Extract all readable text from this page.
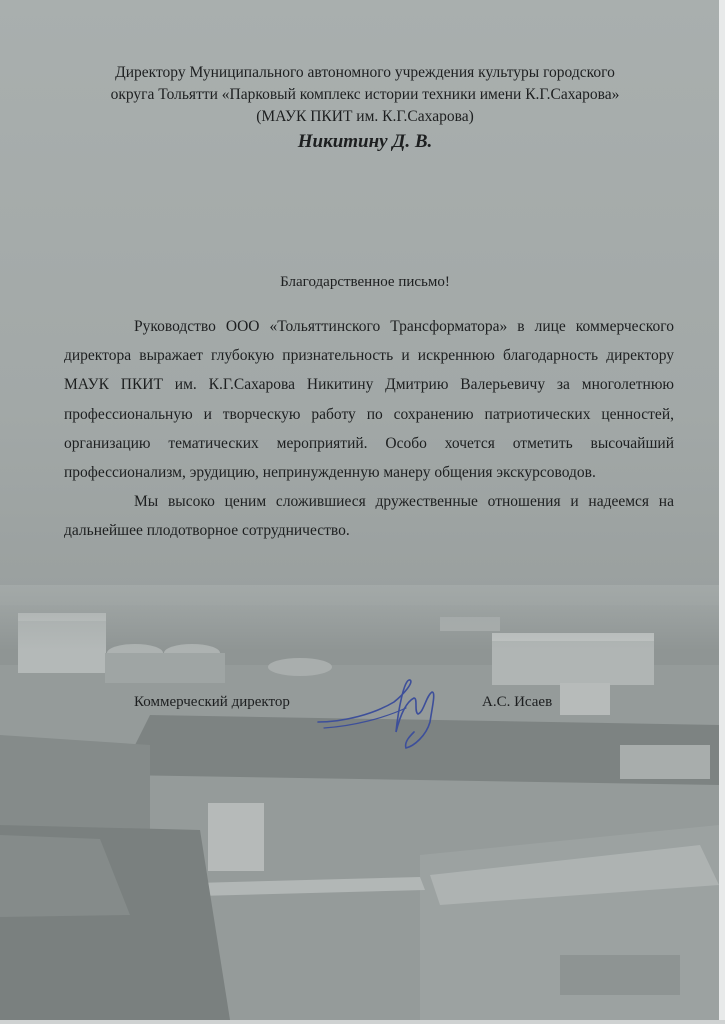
Директору Муниципального автономного учреждения культуры городского
округа Тольятти «Парковый комплекс истории техники имени К.Г.Сахарова»
(МАУК ПКИТ им. К.Г.Сахарова)
Никитину Д. В.
Благодарственное письмо!

Руководство ООО «Тольяттинского Трансформатора» в лице коммерческого директора выражает глубокую признательность и искреннюю благодарность директору МАУК ПКИТ им. К.Г.Сахарова Никитину Дмитрию Валерьевичу за многолетнюю профессиональную и творческую работу по сохранению патриотических ценностей, организацию тематических мероприятий. Особо хочется отметить высочайший профессионализм, эрудицию, непринужденную манеру общения экскурсоводов.

Мы высоко ценим сложившиеся дружественные отношения и надеемся на дальнейшее плодотворное сотрудничество.

Коммерческий директор	А.С. Исаев
